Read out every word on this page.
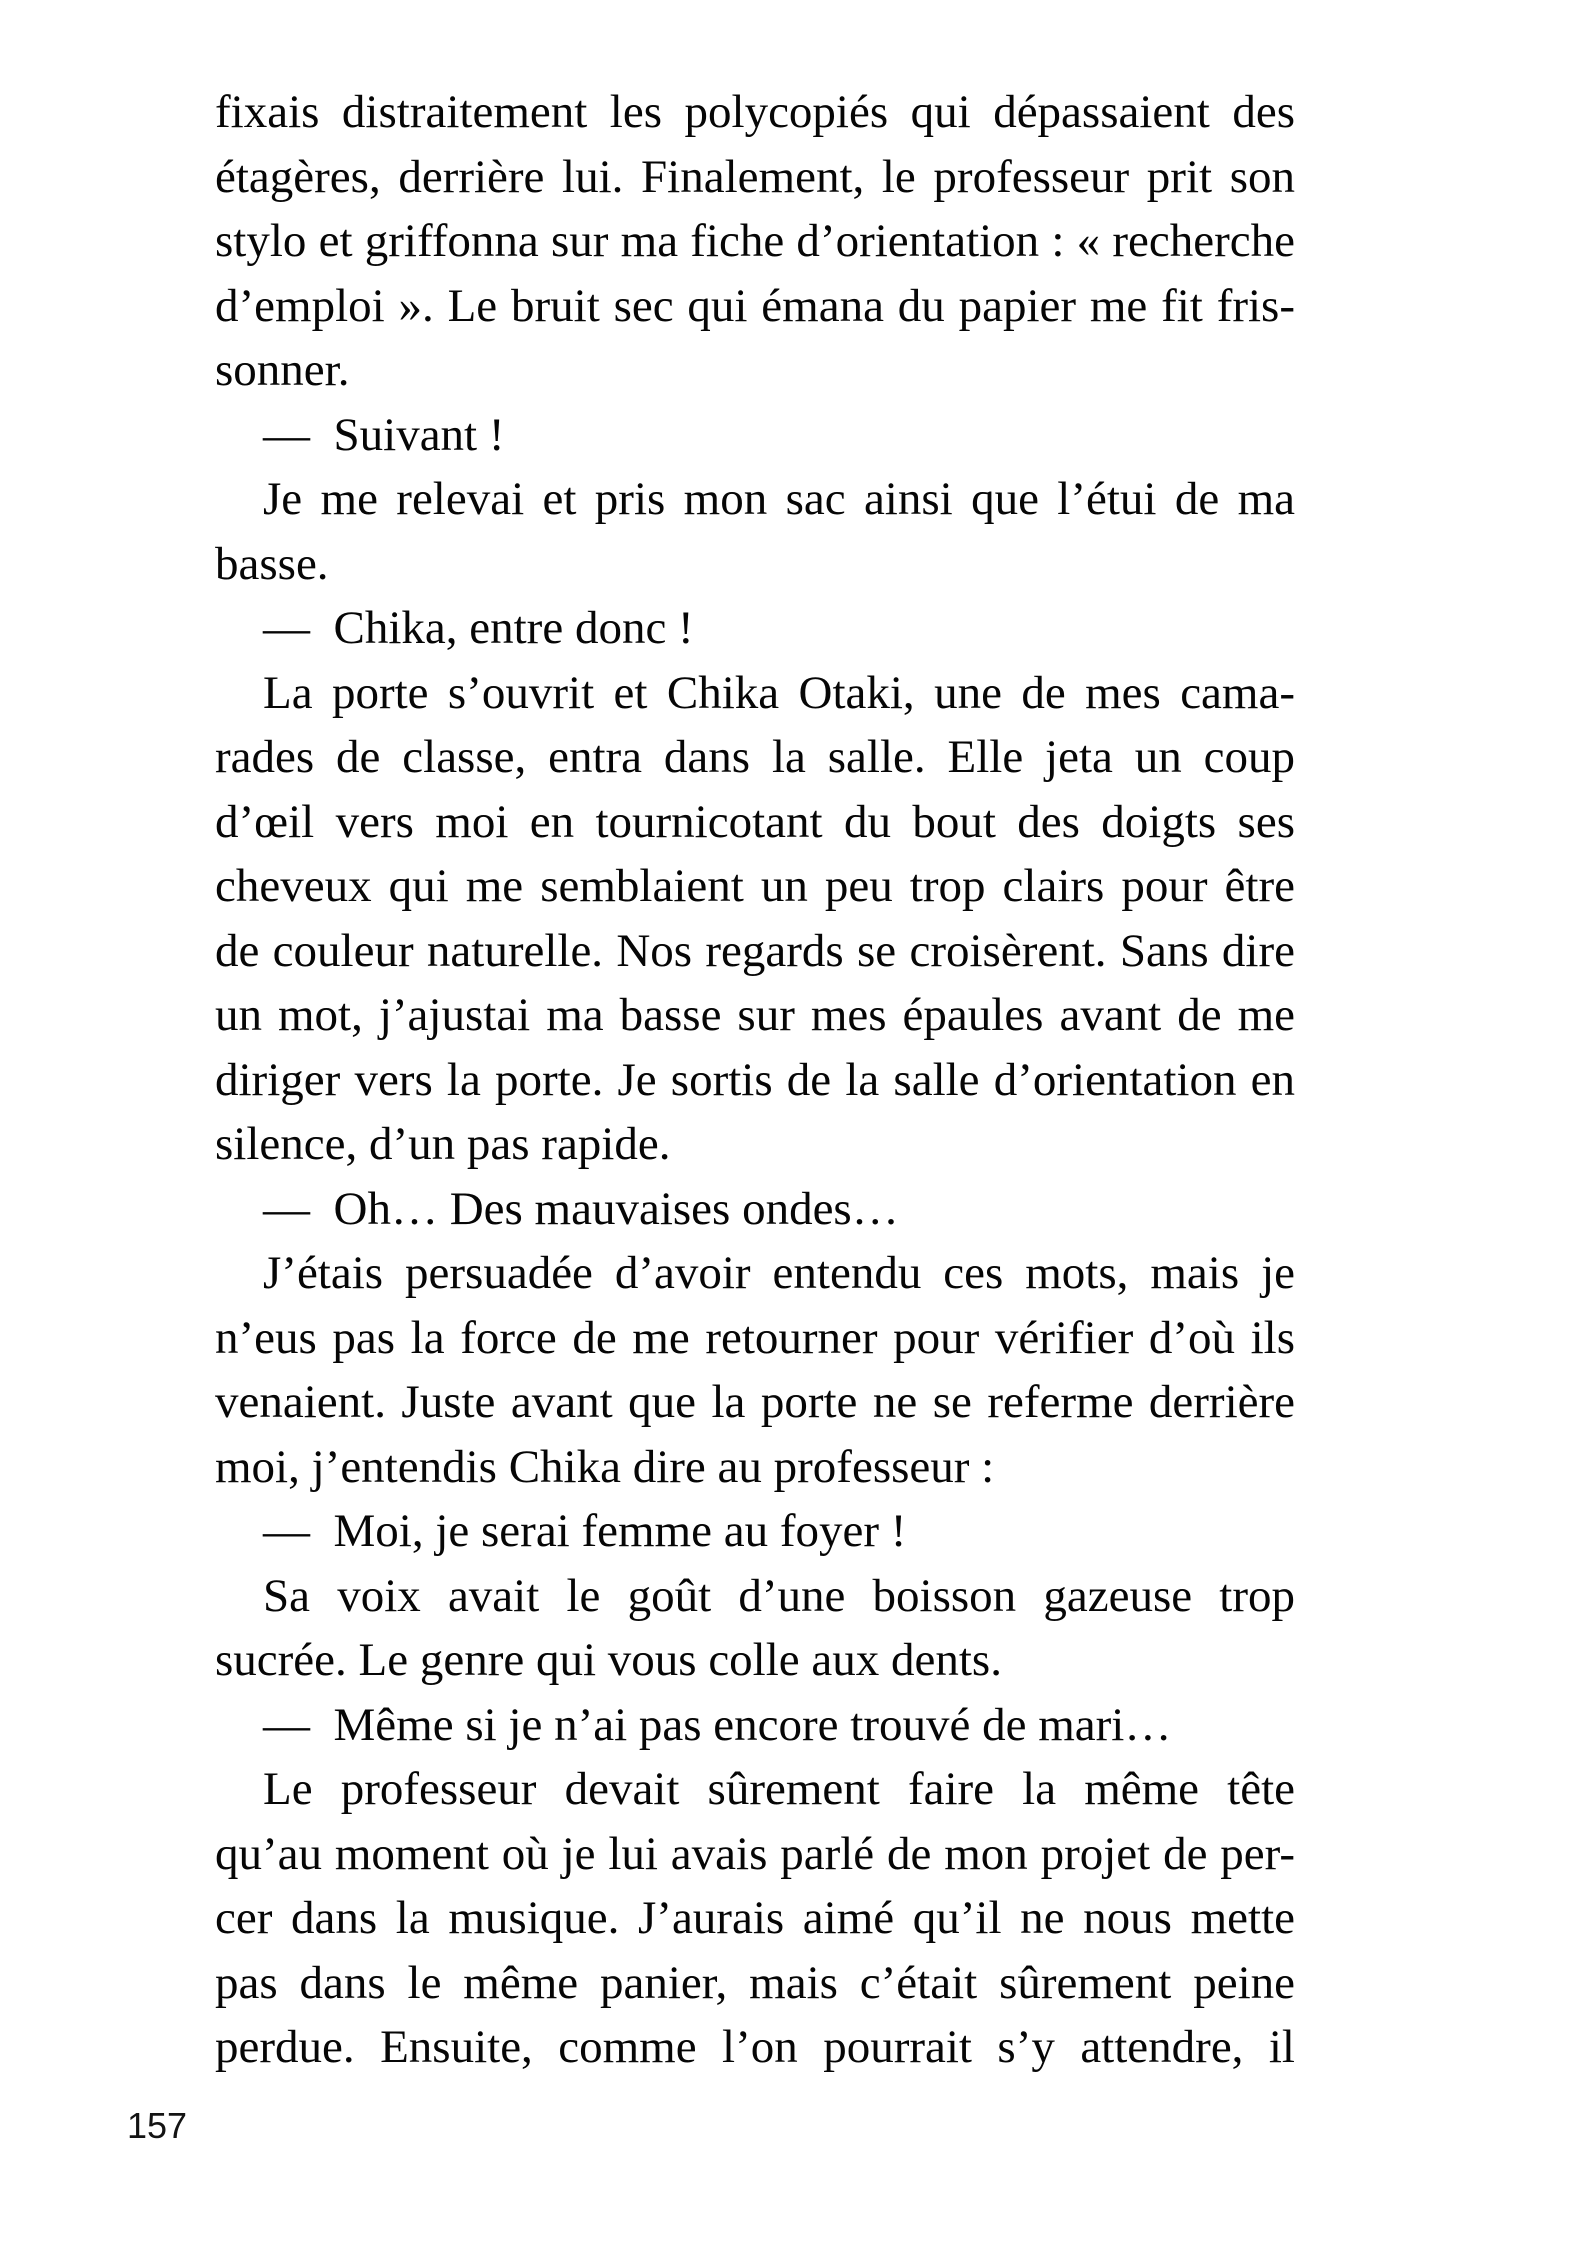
fixais distraitement les polycopiés qui dépassaient des
étagères, derrière lui. Finalement, le professeur prit son
stylo et griffonna sur ma fiche d’orientation : « recherche
d’emploi ». Le bruit sec qui émana du papier me fit fris-
sonner.
— Suivant !
Je me relevai et pris mon sac ainsi que l’étui de ma
basse.
— Chika, entre donc !
La porte s’ouvrit et Chika Otaki, une de mes cama-
rades de classe, entra dans la salle. Elle jeta un coup
d’œil vers moi en tournicotant du bout des doigts ses
cheveux qui me semblaient un peu trop clairs pour être
de couleur naturelle. Nos regards se croisèrent. Sans dire
un mot, j’ajustai ma basse sur mes épaules avant de me
diriger vers la porte. Je sortis de la salle d’orientation en
silence, d’un pas rapide.
— Oh… Des mauvaises ondes…
J’étais persuadée d’avoir entendu ces mots, mais je
n’eus pas la force de me retourner pour vérifier d’où ils
venaient. Juste avant que la porte ne se referme derrière
moi, j’entendis Chika dire au professeur :
— Moi, je serai femme au foyer !
Sa voix avait le goût d’une boisson gazeuse trop
sucrée. Le genre qui vous colle aux dents.
— Même si je n’ai pas encore trouvé de mari…
Le professeur devait sûrement faire la même tête
qu’au moment où je lui avais parlé de mon projet de per-
cer dans la musique. J’aurais aimé qu’il ne nous mette
pas dans le même panier, mais c’était sûrement peine
perdue. Ensuite, comme l’on pourrait s’y attendre, il
157
